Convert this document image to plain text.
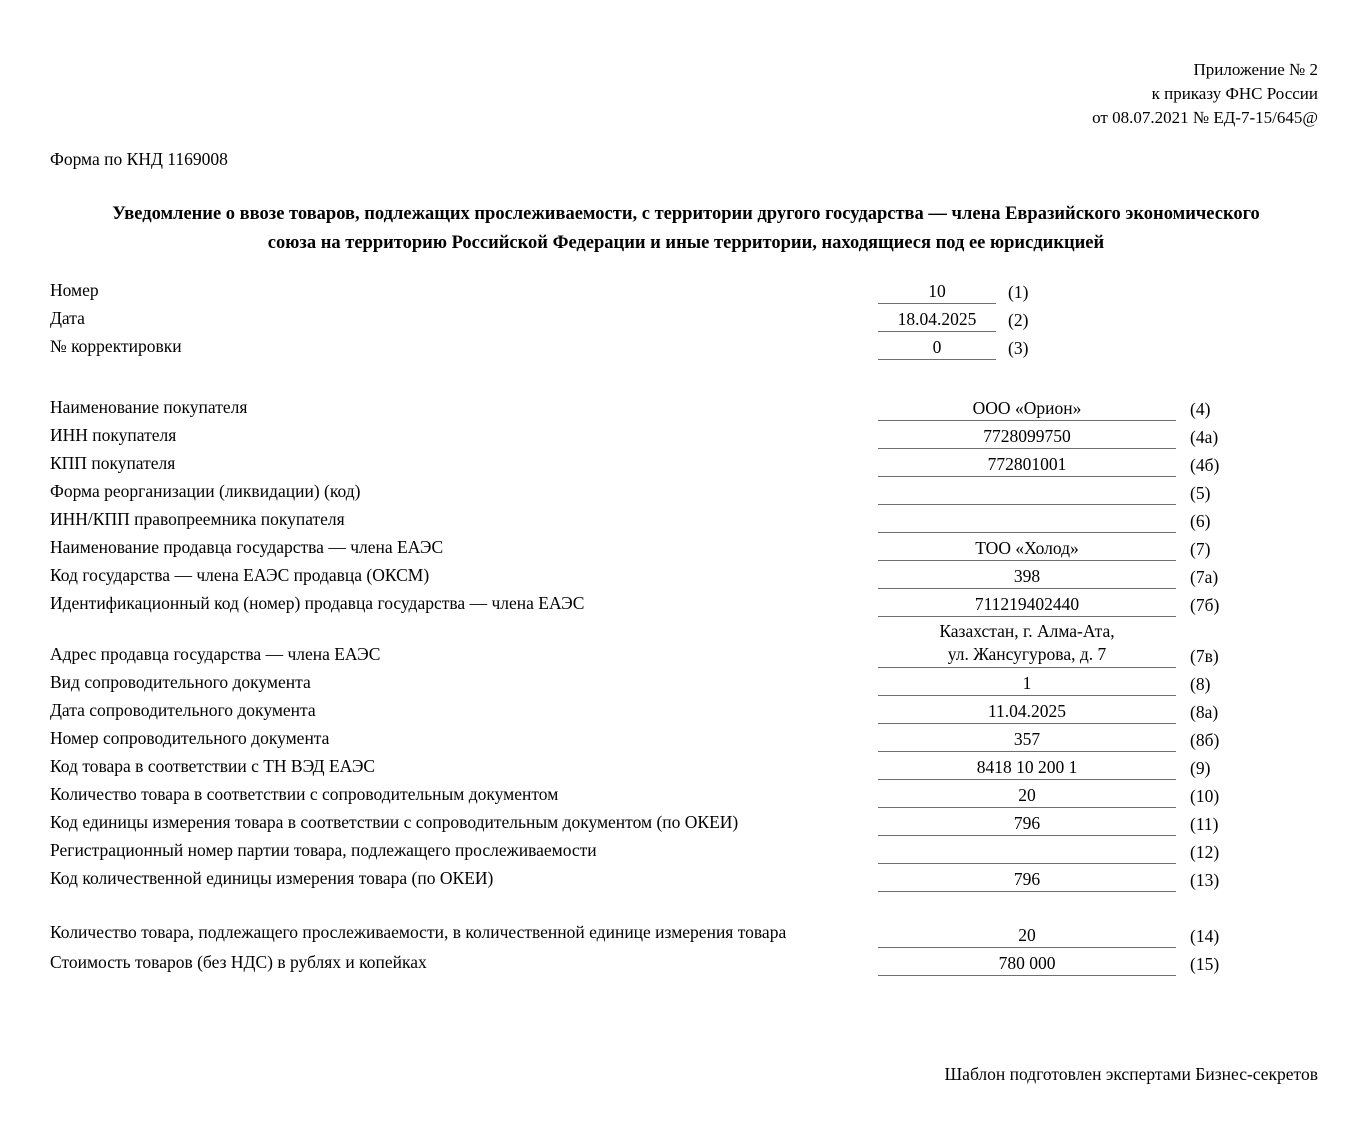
Приложение № 2
к приказу ФНС России
от 08.07.2021 № ЕД-7-15/645@
Форма по КНД 1169008
Уведомление о ввозе товаров, подлежащих прослеживаемости, с территории другого государства — члена Евразийского экономического союза на территорию Российской Федерации и иные территории, находящиеся под ее юрисдикцией
Номер	10	(1)
Дата	18.04.2025	(2)
№ корректировки	0	(3)
Наименование покупателя	ООО «Орион»	(4)
ИНН покупателя	7728099750	(4а)
КПП покупателя	772801001	(4б)
Форма реорганизации (ликвидации) (код)	(5)
ИНН/КПП правопреемника покупателя	(6)
Наименование продавца государства — члена ЕАЭС	ТОО «Холод»	(7)
Код государства — члена ЕАЭС продавца (ОКСМ)	398	(7а)
Идентификационный код (номер) продавца государства — члена ЕАЭС	711219402440	(7б)
Адрес продавца государства — члена ЕАЭС
Казахстан, г. Алма-Ата,
ул. Жансугурова, д. 7	(7в)
Вид сопроводительного документа	1	(8)
Дата сопроводительного документа	11.04.2025	(8а)
Номер сопроводительного документа	357	(8б)
Код товара в соответствии с ТН ВЭД ЕАЭС	8418 10 200 1	(9)
Количество товара в соответствии с сопроводительным документом	20	(10)
Код единицы измерения товара в соответствии с сопроводительным документом (по ОКЕИ)	796	(11)
Регистрационный номер партии товара, подлежащего прослеживаемости	(12)
Код количественной единицы измерения товара (по ОКЕИ)	796	(13)
Количество товара, подлежащего прослеживаемости, в количественной единице измерения товара	20	(14)
Стоимость товаров (без НДС) в рублях и копейках	780 000	(15)
Шаблон подготовлен экспертами Бизнес-секретов
